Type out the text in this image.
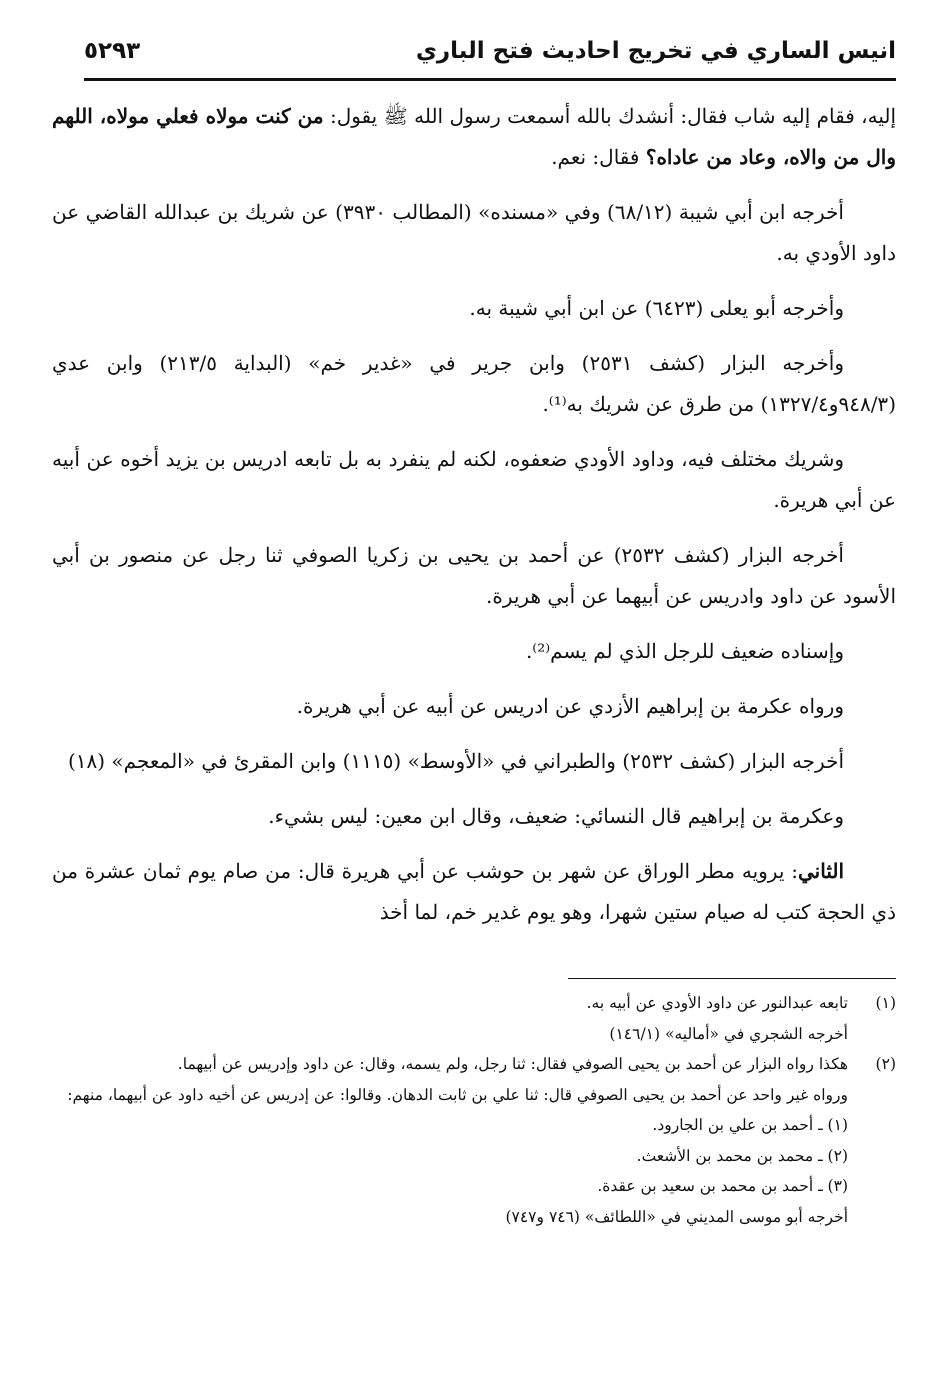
انيس الساري في تخريج احاديث فتح الباري
٥٢٩٣

إليه، فقام إليه شاب فقال: أنشدك بالله أسمعت رسول الله ﷺ يقول: من كنت مولاه فعلي مولاه، اللهم وال من والاه، وعاد من عاداه؟ فقال: نعم.

أخرجه ابن أبي شيبة (٦٨/١٢) وفي «مسنده» (المطالب ٣٩٣٠) عن شريك بن عبدالله القاضي عن داود الأودي به.

وأخرجه أبو يعلى (٦٤٢٣) عن ابن أبي شيبة به.

وأخرجه البزار (كشف ٢٥٣١) وابن جرير في «غدير خم» (البداية ٢١٣/٥) وابن عدي (٩٤٨/٣و١٣٢٧/٤) من طرق عن شريك به⁽¹⁾.

وشريك مختلف فيه، وداود الأودي ضعفوه، لكنه لم ينفرد به بل تابعه ادريس بن يزيد أخوه عن أبيه عن أبي هريرة.

أخرجه البزار (كشف ٢٥٣٢) عن أحمد بن يحيى بن زكريا الصوفي ثنا رجل عن منصور بن أبي الأسود عن داود وادريس عن أبيهما عن أبي هريرة.

وإسناده ضعيف للرجل الذي لم يسم⁽²⁾.

ورواه عكرمة بن إبراهيم الأزدي عن ادريس عن أبيه عن أبي هريرة.

أخرجه البزار (كشف ٢٥٣٢) والطبراني في «الأوسط» (١١١٥) وابن المقرئ في «المعجم» (١٨)

وعكرمة بن إبراهيم قال النسائي: ضعيف، وقال ابن معين: ليس بشيء.

الثاني: يرويه مطر الوراق عن شهر بن حوشب عن أبي هريرة قال: من صام يوم ثمان عشرة من ذي الحجة كتب له صيام ستين شهرا، وهو يوم غدير خم، لما أخذ

(١)

تابعه عبدالنور عن داود الأودي عن أبيه به.

أخرجه الشجري في «أماليه» (١٤٦/١)

(٢)

هكذا رواه البزار عن أحمد بن يحيى الصوفي فقال: ثنا رجل، ولم يسمه، وقال: عن داود وإدريس عن أبيهما.

ورواه غير واحد عن أحمد بن يحيى الصوفي قال: ثنا علي بن ثابت الدهان. وقالوا: عن إدريس عن أخيه داود عن أبيهما، منهم:

(١) ـ أحمد بن علي بن الجارود.

(٢) ـ محمد بن محمد بن الأشعث.

(٣) ـ أحمد بن محمد بن سعيد بن عقدة.

أخرجه أبو موسى المديني في «اللطائف» (٧٤٦ و٧٤٧)
